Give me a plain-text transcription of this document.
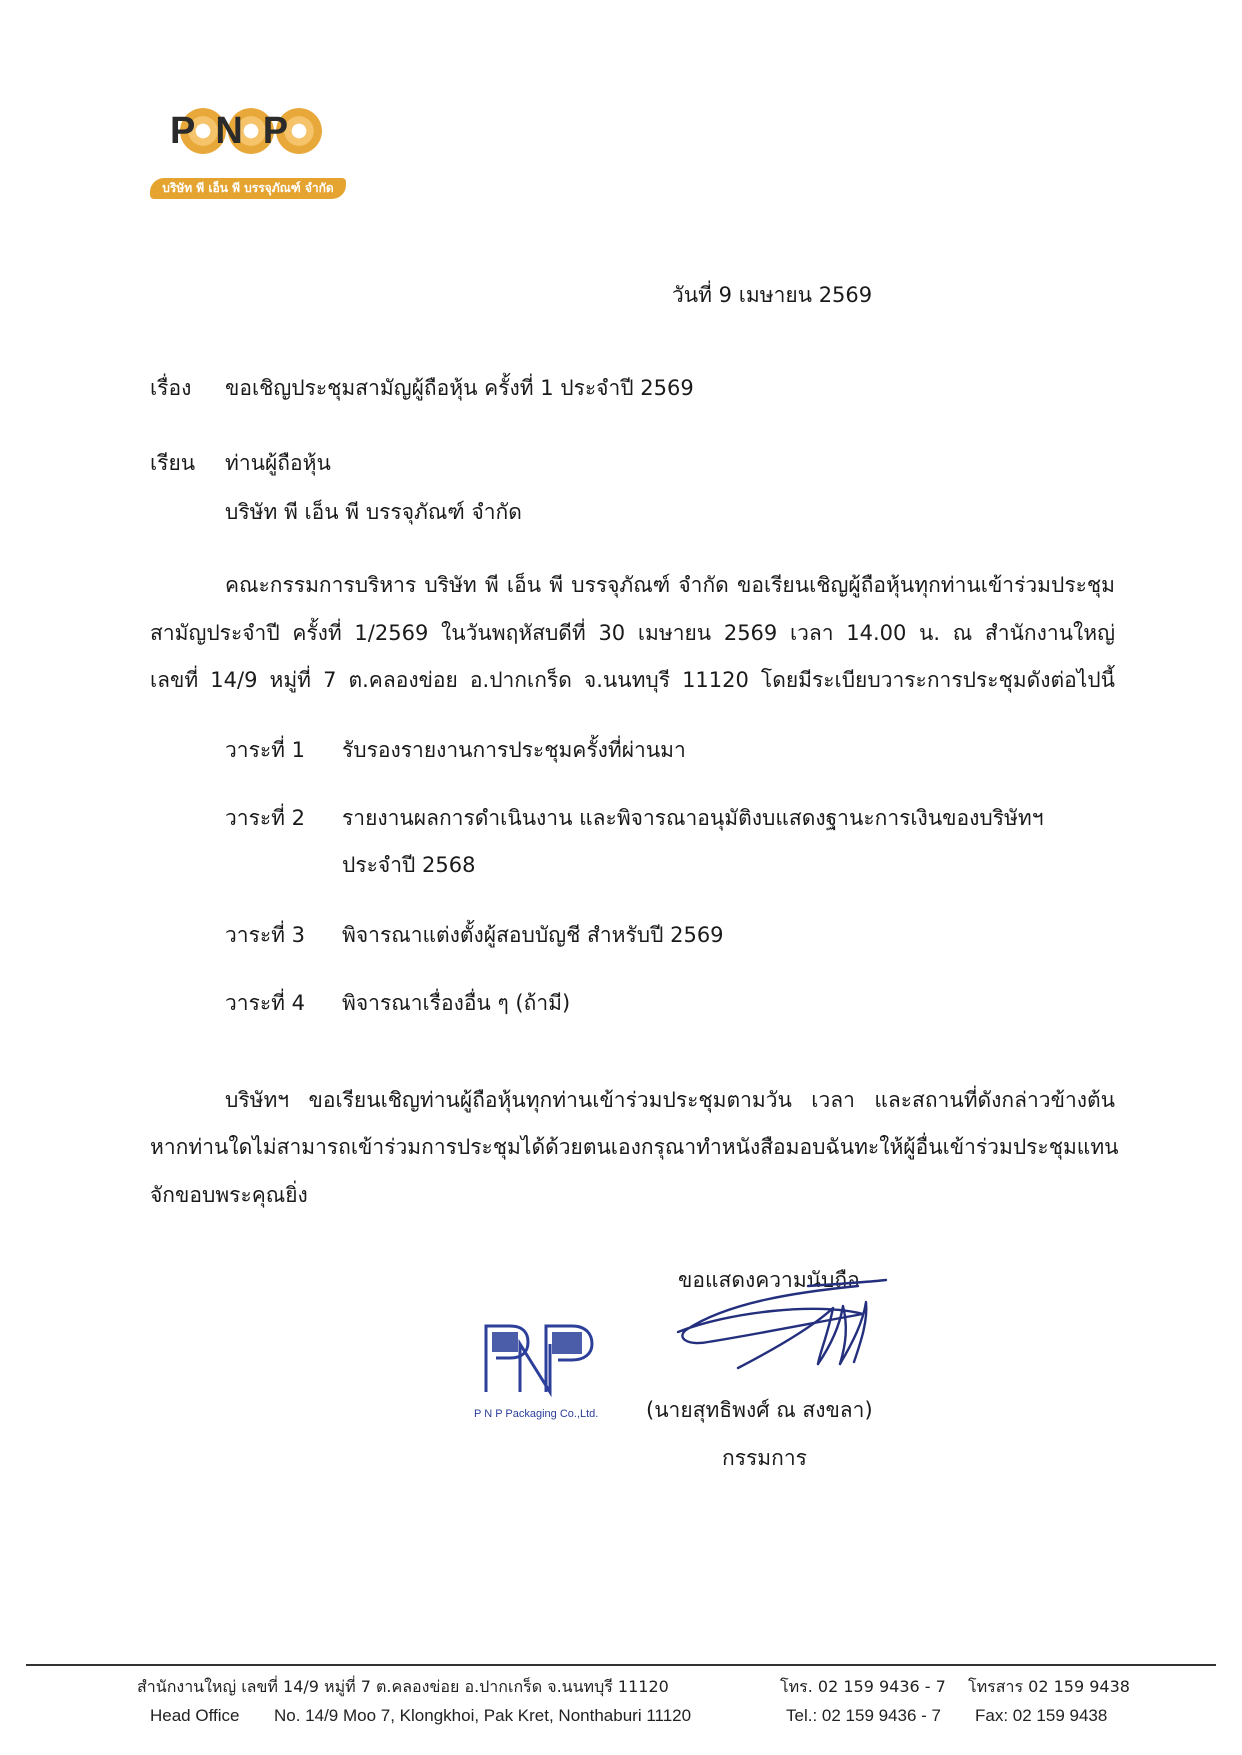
PNP
บริษัท พี เอ็น พี บรรจุภัณฑ์ จำกัด
วันที่ 9 เมษายน 2569
เรื่อง ขอเชิญประชุมสามัญผู้ถือหุ้น ครั้งที่ 1 ประจำปี 2569
เรียน ท่านผู้ถือหุ้น
บริษัท พี เอ็น พี บรรจุภัณฑ์ จำกัด
คณะกรรมการบริหาร บริษัท พี เอ็น พี บรรจุภัณฑ์ จำกัด ขอเรียนเชิญผู้ถือหุ้นทุกท่านเข้าร่วมประชุม
สามัญประจำปี ครั้งที่ 1/2569 ในวันพฤหัสบดีที่ 30 เมษายน 2569 เวลา 14.00 น. ณ สำนักงานใหญ่
เลขที่ 14/9 หมู่ที่ 7 ต.คลองข่อย อ.ปากเกร็ด จ.นนทบุรี 11120 โดยมีระเบียบวาระการประชุมดังต่อไปนี้
วาระที่ 1 รับรองรายงานการประชุมครั้งที่ผ่านมา
วาระที่ 2 รายงานผลการดำเนินงาน และพิจารณาอนุมัติงบแสดงฐานะการเงินของบริษัทฯ
ประจำปี 2568
วาระที่ 3 พิจารณาแต่งตั้งผู้สอบบัญชี สำหรับปี 2569
วาระที่ 4 พิจารณาเรื่องอื่น ๆ (ถ้ามี)
บริษัทฯ ขอเรียนเชิญท่านผู้ถือหุ้นทุกท่านเข้าร่วมประชุมตามวัน เวลา และสถานที่ดังกล่าวข้างต้น
หากท่านใดไม่สามารถเข้าร่วมการประชุมได้ด้วยตนเองกรุณาทำหนังสือมอบฉันทะให้ผู้อื่นเข้าร่วมประชุมแทน
จักขอบพระคุณยิ่ง
ขอแสดงความนับถือ
P N P Packaging Co.,Ltd. (นายสุทธิพงศ์ ณ สงขลา)
กรรมการ
สำนักงานใหญ่ เลขที่ 14/9 หมู่ที่ 7 ต.คลองข่อย อ.ปากเกร็ด จ.นนทบุรี 11120	โทร. 02 159 9436 - 7 โทรสาร 02 159 9438
Head Office No. 14/9 Moo 7, Klongkhoi, Pak Kret, Nonthaburi 11120	Tel.: 02 159 9436 - 7 Fax: 02 159 9438
